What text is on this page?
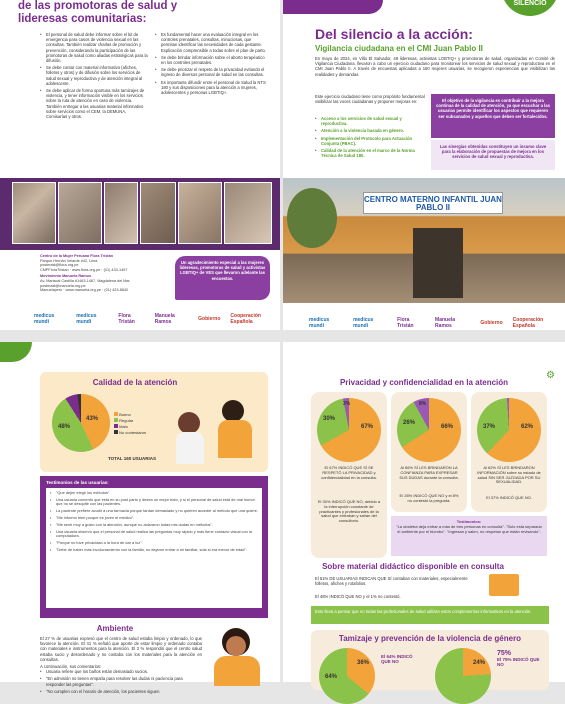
de las promotoras de salud y lideresas comunitarias:
• El personal de salud debe informar sobre el kit de emergencia para casos de violencia sexual en las consultas. También realizar charlas de promoción y prevención, considerando la participación de las promotoras de salud como aliadas estratégicas para la difusión.
• Se debe contar con material informativo (afiches, folletos y otros) y de difusión sobre los servicios de salud sexual y reproductiva y de atención integral al adolescente.
• Se debe aplicar de forma oportuna más tamizajes de violencia, y tener información visible en los servicios sobre la ruta de atención en caso de violencia. También entregar a las usuarias material informativo sobre servicios como el CEM, la DEMUNA, Comisarías y otros.
• Es fundamental hacer una evaluación integral en los controles prenatales, consultas, minuciosas, que permitan identificar las necesidades de cada gestante. Explicación comprensible a todas sobre el plan de parto.
• Se debe brindar información sobre el aborto terapéutico en los controles prenatales.
• Se debe priorizar el respeto de la privacidad evitando el ingreso de diversos personal de salud en las consultas.
• Es importante difundir entre el personal de Salud la NTS 180 y sus disposiciones para la atención a mujeres, adolescentes y personas LGBTIQ+.
Centro de la Mujer Peruana Flora Tristán
Parque Hernán Velarde #42, Lima
postmast@flora.org.pe
CMPFloraTristan · www.flora.org.pe · (01) 433-1457
Movimiento Manuela Ramos
Av. Mariscal Castilla #1463-1467, Magdalena del Mar
postmast@manuela.org.pe
Manuelaperu · www.manuela.org.pe · (01) 423-8840
Un agradecimiento especial a las mujeres lideresas, promotoras de salud y activistas LGBTIQ+ de VES que llevaron adelante las encuestas.
medicus mundi
medicus mundi
Flora Tristán
Manuela Ramos	Gobierno	Cooperación Española
SILENCIO
Del silencio a la acción:
Vigilancia ciudadana en el CMI Juan Pablo II
En mayo de 2024, en Villa El Salvador, 49 lideresas, activistas LGBTIQ+ y promotoras de salud, organizadas en Comité de Vigilancia Ciudadana, llevaron a cabo un ejercicio ciudadano para monitorear los servicios de salud sexual y reproductiva en el CMI Juan Pablo II. A través de encuestas aplicadas a 160 mujeres usuarias, se recogieron experiencias que visibilizan las realidades y demandas.
Este ejercicio ciudadano tiene como propósito fundamental visibilizar las voces ciudadanas y proponer mejoras en:
• Acceso a los servicios de salud sexual y reproductiva.
• Atención a la violencia basada en género.
• Implementación del Protocolo para Actuación Conjunta (PBAC).
• Calidad de la atención en el marco de la Norma Técnica de Salud 180.
El objetivo de la vigilancia es contribuir a la mejora continua de la calidad de atención, ya que escuchar a las usuarias permite identificar los aspectos que requieren ser subsanados y aquellos que deben ser fortalecidos.
Las sinergias obtenidas constituyen un insumo clave para la elaboración de propuestas de mejora en los servicios de salud sexual y reproductiva.
CENTRO MATERNO INFANTIL JUAN PABLO II
medicus mundi
medicus mundi
Flora Tristán
Manuela Ramos	Gobierno	Cooperación Española
Calidad de la atención
43%
48%
Bueno
Regular
Malo
No contestaron
TOTAL 160 USUARIAS
Testimonios de las usuarias:
• "Que dejen elegir los métodos".
• Una usuaria comentó que está en su post parto y desea un mejor trato, y si el personal de salud está de mal humor que no se desquite con las pacientes.
• La paciente prefiere acudir a una farmacia porque tardan demasiado y no quieren acceder al método que una quiere.
• "Me informó bien porque es joven el médico".
• "Me sentí muy a gusto con la atención, aunque no aclararon todas mis dudas en métodos".
• Una usuaria observó que el personal de salud realiza las preguntas muy rápido y más tiene contacto visual con la computadora.
• "Porque no tuve privacidad a la hora de dar a luz".
• "Debe de haber más involucramiento con la familia, no dejaron entrar a mi familiar, sola si era menor de edad".
Ambiente
El 27 % de usuarias expresó que el centro de salud estaba limpio y ordenado, lo que favorece la atención. El 41 % señaló que aporte de estar limpio y ordenado contaba con materiales e instrumentos para la atención. El 3 % respondió que el centro salud estaba sucio y desordenado y no contaba con los materiales para la atención en consultas.
A continuación, sus comentarios:
• Usuaria refiere que los baños están demasiado sucios.
• "En admisión no tienen empatía para resolver las dudas ni paciencia para responder las preguntas".
• "No cumplen con el horario de atención, los pacientes siguen
Privacidad y confidencialidad en la atención
⚙
67%
30%
3%
El 67% INDICÓ QUE SÍ SE RESPETÓ LA PRIVACIDAD y confidencialidad en la consulta.
El 30% INDICÓ QUE NO, debido a la interrupción constante de practicantes y profesionales de la salud que entraban y salían del consultorio.
66%
26%
8%
Al 66% SÍ LES BRINDARON LA CONFIANZA PARA EXPRESAR SUS DUDAS durante la consulta.
El 26% INDICÓ QUE NO y el 8% no contestó la pregunta.
62%
37%
Al 62% SÍ LES BRINDARON INFORMACIÓN sobre su estado de salud SIN SER JUZGADA POR SU SEXUALIDAD.
El 37% INDICÓ QUE NO.
Testimonios:
"La obstetra deja entrar a más de tres personas en consulta". "Solo está separado el ambiente por el biombo". "Ingresan y salen, no respetan que están revisando".
Sobre material didáctico disponible en consulta
El 51% DE USUARIAS INDICAN QUE SÍ contaban con materiales, especialmente folletos, afiches y rotafolios.
El 48% INDICÓ QUE NO y el 1% no contestó.
Esto lleva a pensar que no todas las profesionales de salud utilizan estos complementos informativos en la atención.
Tamizaje y prevención de la violencia de género
36%
64%
El 64% INDICÓ QUE NO	24%
75%
El 75% INDICÓ QUE NO
